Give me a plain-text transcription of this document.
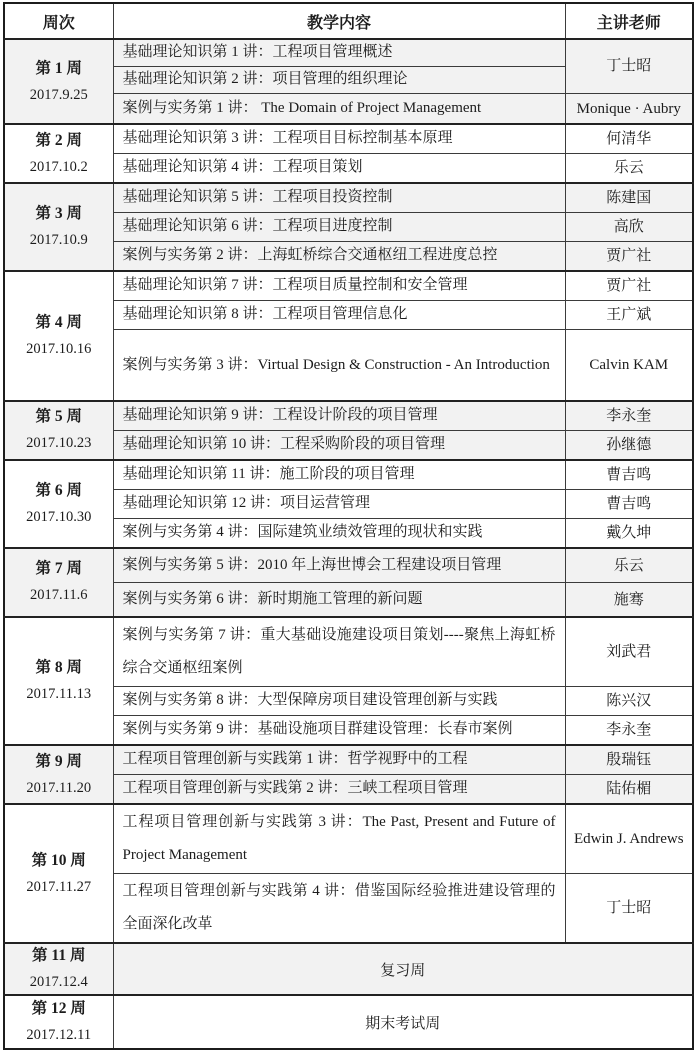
周次	教学内容	主讲老师

第 1 周
2017.9.25	基础理论知识第 1 讲：工程项目管理概述	丁士昭
	基础理论知识第 2 讲：项目管理的组织理论	
	案例与实务第 1 讲： The Domain of Project Management	Monique · Aubry

第 2 周
2017.10.2	基础理论知识第 3 讲：工程项目目标控制基本原理	何清华
	基础理论知识第 4 讲：工程项目策划	乐云

第 3 周
2017.10.9	基础理论知识第 5 讲：工程项目投资控制	陈建国
	基础理论知识第 6 讲：工程项目进度控制	高欣
	案例与实务第 2 讲：上海虹桥综合交通枢纽工程进度总控	贾广社

第 4 周
2017.10.16	基础理论知识第 7 讲：工程项目质量控制和安全管理	贾广社
	基础理论知识第 8 讲：工程项目管理信息化	王广斌
	案例与实务第 3 讲：Virtual Design & Construction - An Introduction	Calvin KAM

第 5 周
2017.10.23	基础理论知识第 9 讲：工程设计阶段的项目管理	李永奎
	基础理论知识第 10 讲：工程采购阶段的项目管理	孙继德

第 6 周
2017.10.30	基础理论知识第 11 讲：施工阶段的项目管理	曹吉鸣
	基础理论知识第 12 讲：项目运营管理	曹吉鸣
	案例与实务第 4 讲：国际建筑业绩效管理的现状和实践	戴久坤

第 7 周
2017.11.6	案例与实务第 5 讲：2010 年上海世博会工程建设项目管理	乐云
	案例与实务第 6 讲：新时期施工管理的新问题	施骞

第 8 周
2017.11.13	案例与实务第 7 讲：重大基础设施建设项目策划----聚焦上海虹桥综合交通枢纽案例	刘武君
	案例与实务第 8 讲：大型保障房项目建设管理创新与实践	陈兴汉
	案例与实务第 9 讲：基础设施项目群建设管理：长春市案例	李永奎

第 9 周
2017.11.20	工程项目管理创新与实践第 1 讲：哲学视野中的工程	殷瑞钰
	工程项目管理创新与实践第 2 讲：三峡工程项目管理	陆佑楣

第 10 周
2017.11.27	工程项目管理创新与实践第 3 讲：The Past, Present and Future of Project Management	Edwin J. Andrews
	工程项目管理创新与实践第 4 讲：借鉴国际经验推进建设管理的全面深化改革	丁士昭

第 11 周
2017.12.4	复习周	

第 12 周
2017.12.11	期末考试周	
